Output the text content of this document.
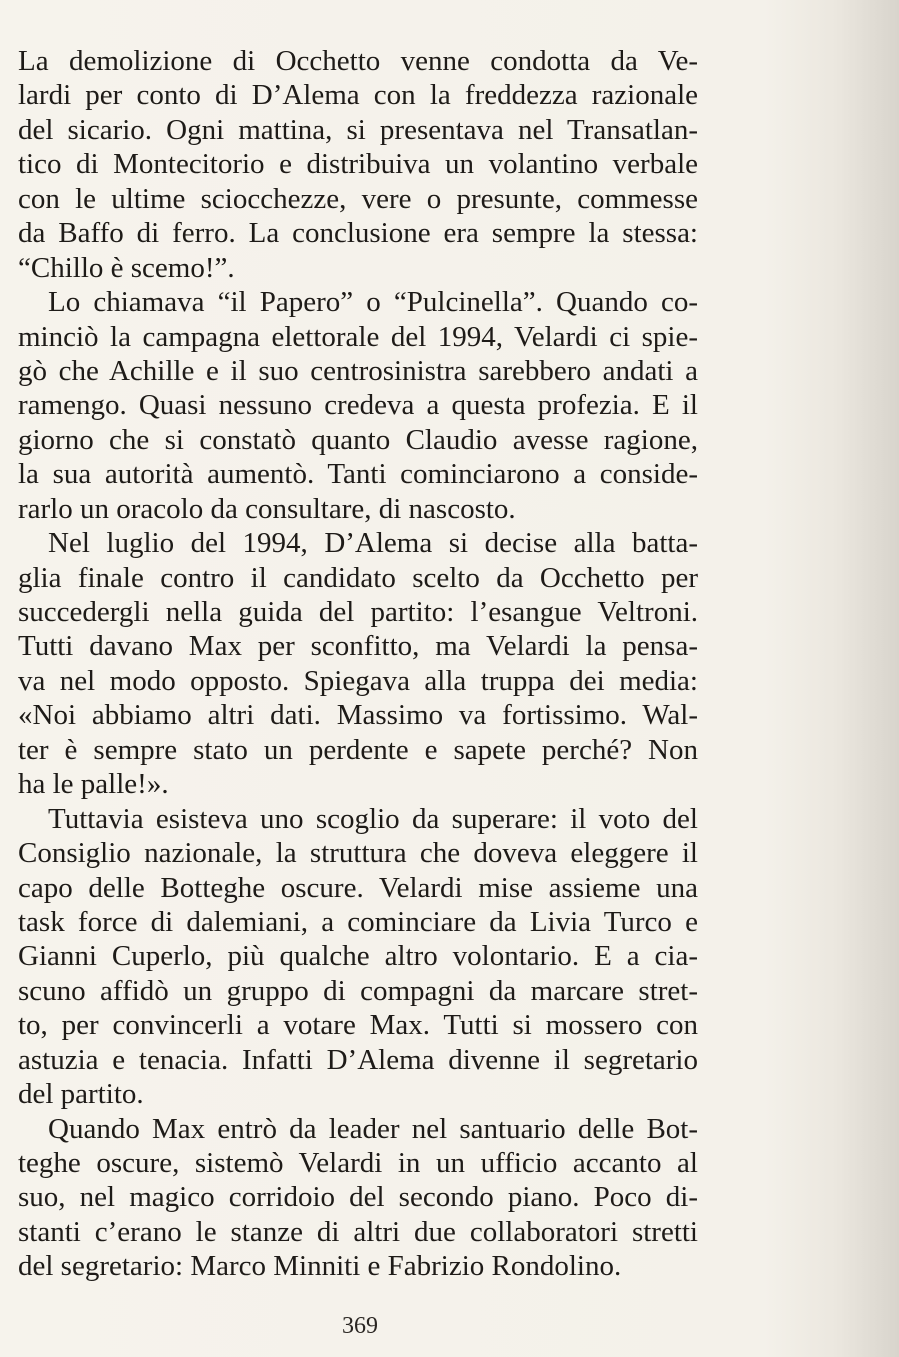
La demolizione di Occhetto venne condotta da Ve-
lardi per conto di D’Alema con la freddezza razionale
del sicario. Ogni mattina, si presentava nel Transatlan-
tico di Montecitorio e distribuiva un volantino verbale
con le ultime sciocchezze, vere o presunte, commesse
da Baffo di ferro. La conclusione era sempre la stessa:
“Chillo è scemo!”.
Lo chiamava “il Papero” o “Pulcinella”. Quando co-
minciò la campagna elettorale del 1994, Velardi ci spie-
gò che Achille e il suo centrosinistra sarebbero andati a
ramengo. Quasi nessuno credeva a questa profezia. E il
giorno che si constatò quanto Claudio avesse ragione,
la sua autorità aumentò. Tanti cominciarono a conside-
rarlo un oracolo da consultare, di nascosto.
Nel luglio del 1994, D’Alema si decise alla batta-
glia finale contro il candidato scelto da Occhetto per
succedergli nella guida del partito: l’esangue Veltroni.
Tutti davano Max per sconfitto, ma Velardi la pensa-
va nel modo opposto. Spiegava alla truppa dei media:
«Noi abbiamo altri dati. Massimo va fortissimo. Wal-
ter è sempre stato un perdente e sapete perché? Non
ha le palle!».
Tuttavia esisteva uno scoglio da superare: il voto del
Consiglio nazionale, la struttura che doveva eleggere il
capo delle Botteghe oscure. Velardi mise assieme una
task force di dalemiani, a cominciare da Livia Turco e
Gianni Cuperlo, più qualche altro volontario. E a cia-
scuno affidò un gruppo di compagni da marcare stret-
to, per convincerli a votare Max. Tutti si mossero con
astuzia e tenacia. Infatti D’Alema divenne il segretario
del partito.
Quando Max entrò da leader nel santuario delle Bot-
teghe oscure, sistemò Velardi in un ufficio accanto al
suo, nel magico corridoio del secondo piano. Poco di-
stanti c’erano le stanze di altri due collaboratori stretti
del segretario: Marco Minniti e Fabrizio Rondolino.
369
